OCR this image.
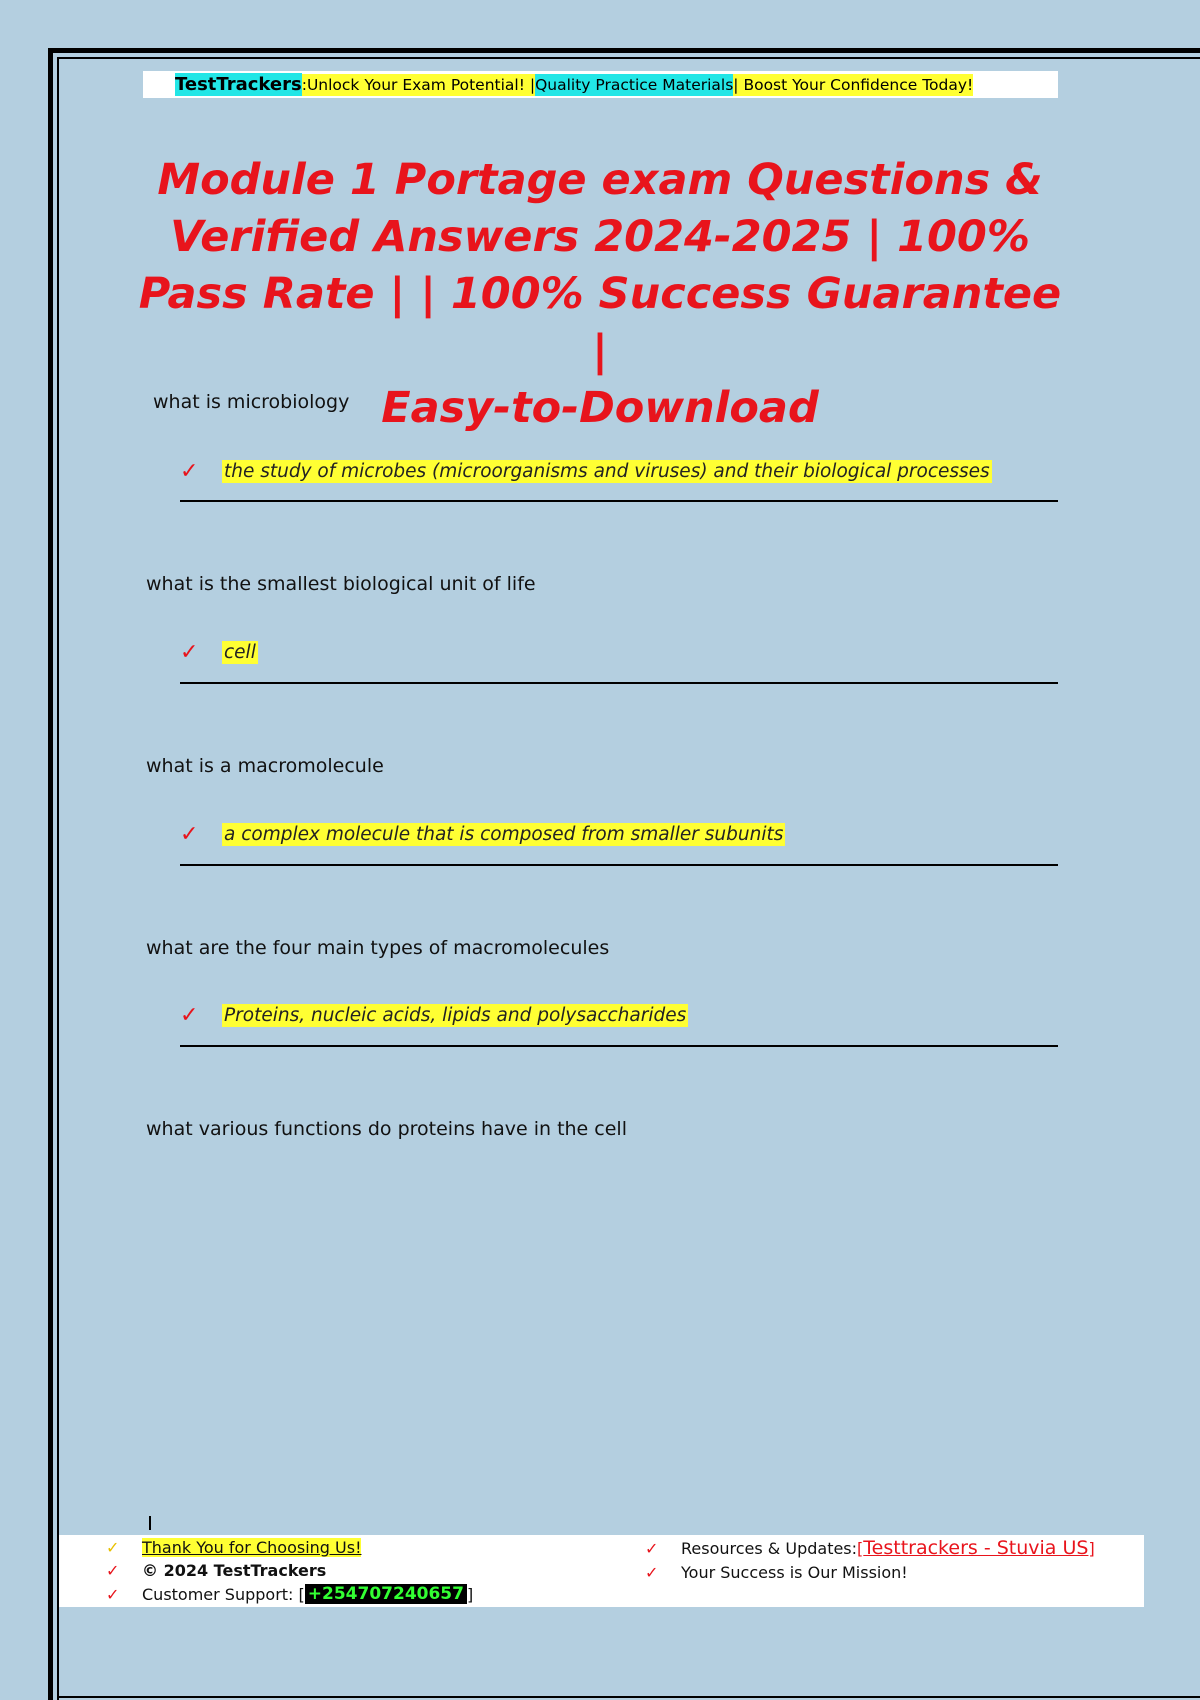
TestTrackers : Unlock Your Exam Potential! | Quality Practice Materials | Boost Your Confidence Today!
Module 1 Portage exam Questions &
Verified Answers 2024-2025 | 100%
Pass Rate | | 100% Success Guarantee |
Easy-to-Download
what is microbiology
✓	the study of microbes (microorganisms and viruses) and their biological processes
what is the smallest biological unit of life
✓	cell
what is a macromolecule
✓	a complex molecule that is composed from smaller subunits
what are the four main types of macromolecules
✓	Proteins, nucleic acids, lipids and polysaccharides
what various functions do proteins have in the cell
✓	Thank You for Choosing Us!
✓	© 2024 TestTrackers
✓	Customer Support: [ +254707240657 ]
✓	Resources & Updates: [ Testtrackers - Stuvia US ]
✓	Your Success is Our Mission!
